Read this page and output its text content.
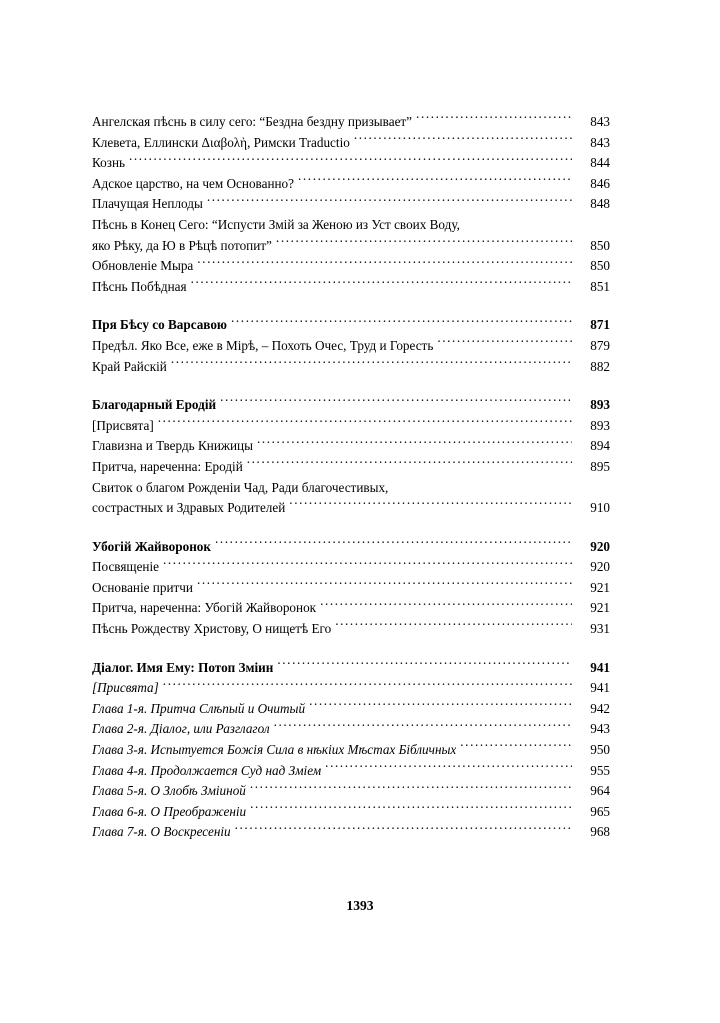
Ангелская пѣснь в силу сего: “Бездна бездну призывает” .....	843
Клевета, Еллински Διαβoλὴ, Римски Traductio .....	843
Кознь .....	844
Адское царство, на чем Основанно? .....	846
Плачущая Неплоды .....	848
Пѣснь в Конец Сего: “Испусти Змій за Женою из Уст своих Воду,
яко Рѣку, да Ю в Рѣцѣ потопит” .....	850
Обновленіе Мыра .....	850
Пѣснь Побѣдная .....	851
Пря Бѣсу со Варсавою .....	871
Предѣл. Яко Все, еже в Мірѣ, – Похоть Очес, Труд и Горесть .....	879
Край Райскій .....	882
Благодарный Еродій .....	893
[Присвята] .....	893
Главизна и Твердь Книжицы .....	894
Притча, нареченна: Еродій .....	895
Свиток о благом Рожденіи Чад, Ради благочестивых,
сострастных и Здравых Родителей .....	910
Убогій Жайворонок .....	920
Посвященіе .....	920
Основаніе притчи .....	921
Притча, нареченна: Убогій Жайворонок .....	921
Пѣснь Рождеству Христову, О нищетѣ Его .....	931
Діалог. Имя Ему: Потоп Зміин .....	941
[Присвята] .....	941
Глава 1-я. Притча Слѣпый и Очитый .....	942
Глава 2-я. Діалог, или Разглагол .....	943
Глава 3-я. Испытуется Божія Сила в нѣкіих Мѣстах Бібличных .....	950
Глава 4-я. Продолжается Суд над Зміем .....	955
Глава 5-я. О Злобѣ Зміиной .....	964
Глава 6-я. О Преображеніи .....	965
Глава 7-я. О Воскресеніи .....	968
1393
